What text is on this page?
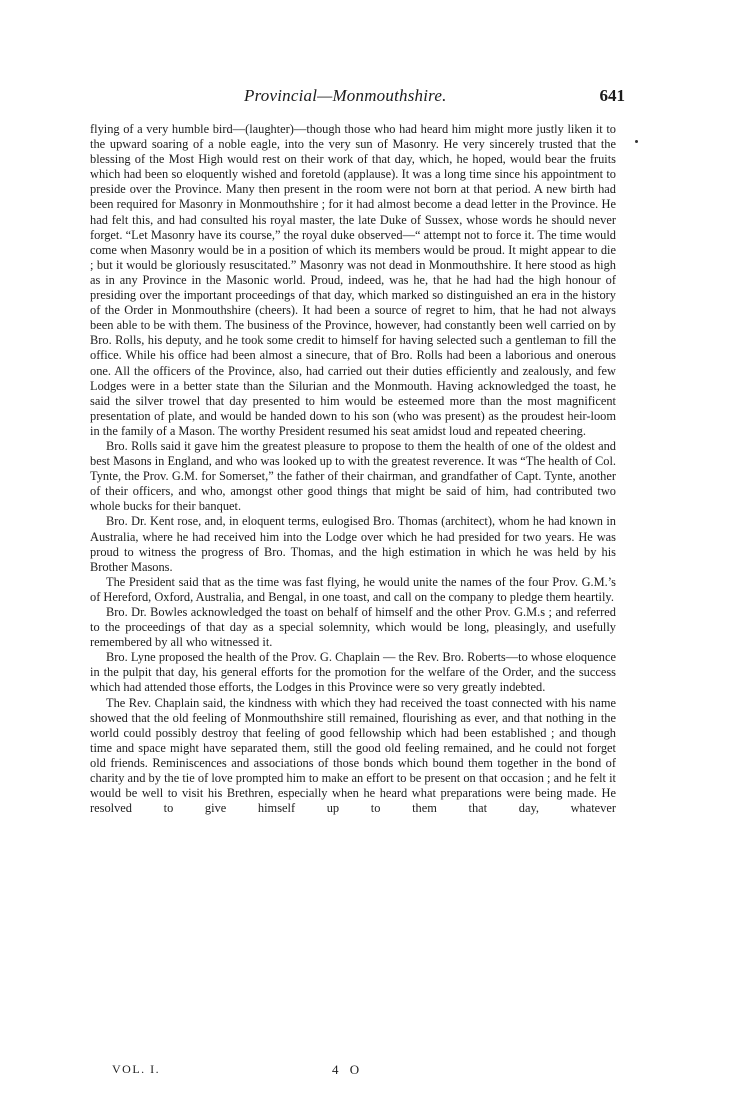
Provincial—Monmouthshire.	641

flying of a very humble bird—(laughter)—though those who had heard him might more justly liken it to the upward soaring of a noble eagle, into the very sun of Masonry. He very sincerely trusted that the blessing of the Most High would rest on their work of that day, which, he hoped, would bear the fruits which had been so eloquently wished and foretold (applause). It was a long time since his appointment to preside over the Province. Many then present in the room were not born at that period. A new birth had been required for Masonry in Monmouthshire ; for it had almost become a dead letter in the Province. He had felt this, and had consulted his royal master, the late Duke of Sussex, whose words he should never forget. “Let Masonry have its course,” the royal duke observed—“ attempt not to force it. The time would come when Masonry would be in a position of which its members would be proud. It might appear to die ; but it would be gloriously resuscitated.” Masonry was not dead in Monmouthshire. It here stood as high as in any Province in the Masonic world. Proud, indeed, was he, that he had had the high honour of presiding over the important proceedings of that day, which marked so distinguished an era in the history of the Order in Monmouthshire (cheers). It had been a source of regret to him, that he had not always been able to be with them. The business of the Province, however, had constantly been well carried on by Bro. Rolls, his deputy, and he took some credit to himself for having selected such a gentleman to fill the office. While his office had been almost a sinecure, that of Bro. Rolls had been a laborious and onerous one. All the officers of the Province, also, had carried out their duties efficiently and zealously, and few Lodges were in a better state than the Silurian and the Monmouth. Having acknowledged the toast, he said the silver trowel that day presented to him would be esteemed more than the most magnificent presentation of plate, and would be handed down to his son (who was present) as the proudest heir-loom in the family of a Mason. The worthy President resumed his seat amidst loud and repeated cheering.

Bro. Rolls said it gave him the greatest pleasure to propose to them the health of one of the oldest and best Masons in England, and who was looked up to with the greatest reverence. It was “The health of Col. Tynte, the Prov. G.M. for Somerset,” the father of their chairman, and grandfather of Capt. Tynte, another of their officers, and who, amongst other good things that might be said of him, had contributed two whole bucks for their banquet.

Bro. Dr. Kent rose, and, in eloquent terms, eulogised Bro. Thomas (architect), whom he had known in Australia, where he had received him into the Lodge over which he had presided for two years. He was proud to witness the progress of Bro. Thomas, and the high estimation in which he was held by his Brother Masons.

The President said that as the time was fast flying, he would unite the names of the four Prov. G.M.’s of Hereford, Oxford, Australia, and Bengal, in one toast, and call on the company to pledge them heartily.

Bro. Dr. Bowles acknowledged the toast on behalf of himself and the other Prov. G.M.s ; and referred to the proceedings of that day as a special solemnity, which would be long, pleasingly, and usefully remembered by all who witnessed it.

Bro. Lyne proposed the health of the Prov. G. Chaplain — the Rev. Bro. Roberts—to whose eloquence in the pulpit that day, his general efforts for the promotion for the welfare of the Order, and the success which had attended those efforts, the Lodges in this Province were so very greatly indebted.

The Rev. Chaplain said, the kindness with which they had received the toast connected with his name showed that the old feeling of Monmouthshire still remained, flourishing as ever, and that nothing in the world could possibly destroy that feeling of good fellowship which had been established ; and though time and space might have separated them, still the good old feeling remained, and he could not forget old friends. Reminiscences and associations of those bonds which bound them together in the bond of charity and by the tie of love prompted him to make an effort to be present on that occasion ; and he felt it would be well to visit his Brethren, especially when he heard what preparations were being made. He resolved to give himself up to them that day, whatever

VOL. I.	4 O
